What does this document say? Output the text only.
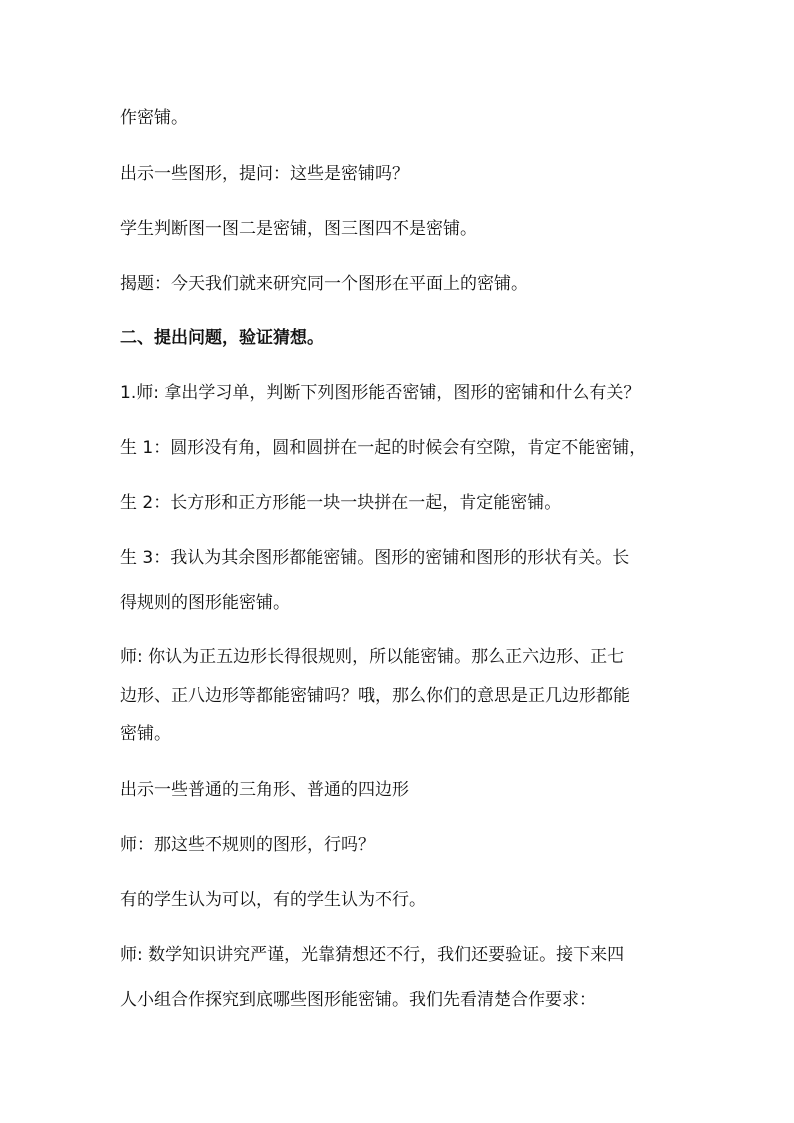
作密铺。
出示一些图形，提问：这些是密铺吗？
学生判断图一图二是密铺，图三图四不是密铺。
揭题：今天我们就来研究同一个图形在平面上的密铺。
二、提出问题，验证猜想。
1.师: 拿出学习单，判断下列图形能否密铺，图形的密铺和什么有关？
生 1：圆形没有角，圆和圆拼在一起的时候会有空隙，肯定不能密铺，
生 2：长方形和正方形能一块一块拼在一起，肯定能密铺。
生 3：我认为其余图形都能密铺。图形的密铺和图形的形状有关。长
得规则的图形能密铺。
师: 你认为正五边形长得很规则，所以能密铺。那么正六边形、正七
边形、正八边形等都能密铺吗？哦，那么你们的意思是正几边形都能
密铺。
出示一些普通的三角形、普通的四边形
师：那这些不规则的图形，行吗？
有的学生认为可以，有的学生认为不行。
师: 数学知识讲究严谨，光靠猜想还不行，我们还要验证。接下来四
人小组合作探究到底哪些图形能密铺。我们先看清楚合作要求：
